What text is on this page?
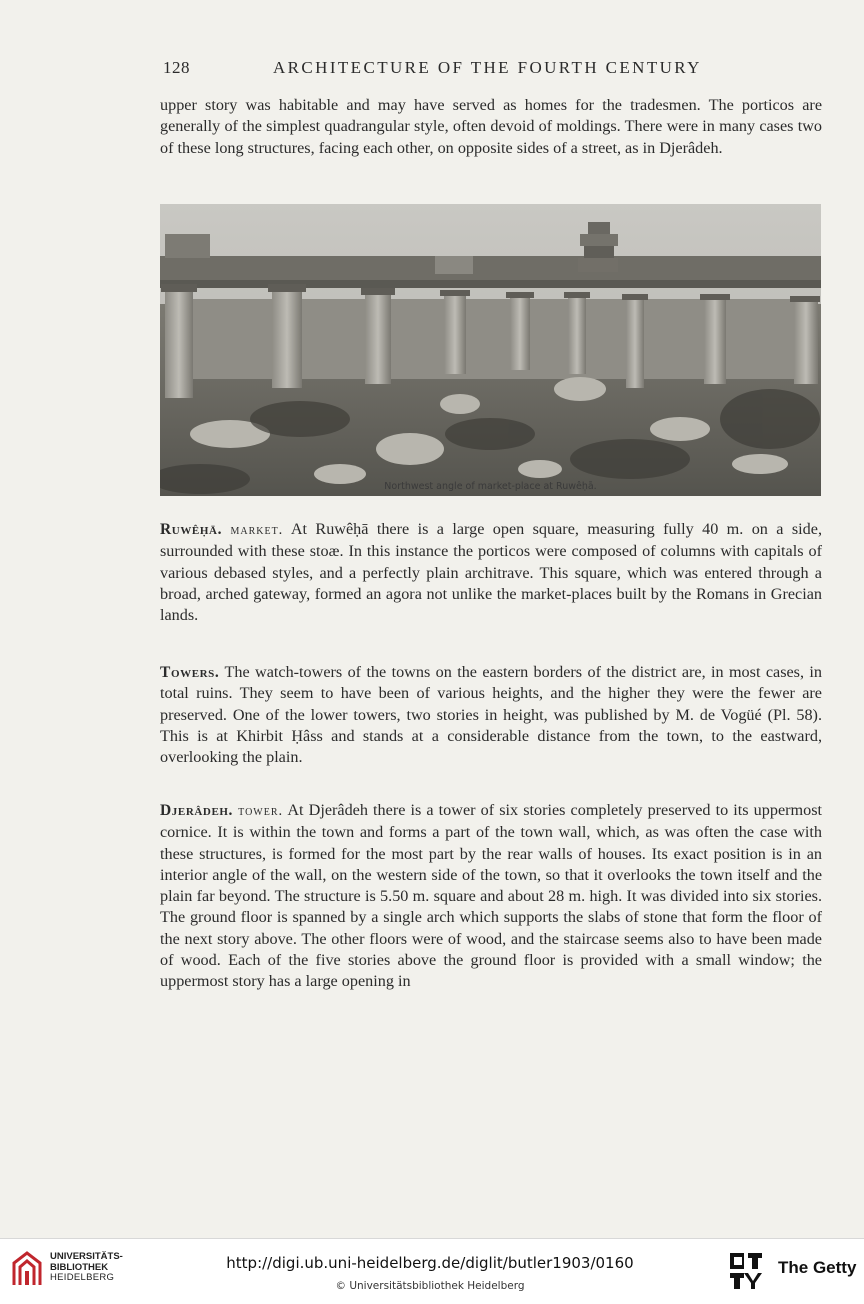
128	ARCHITECTURE OF THE FOURTH CENTURY

upper story was habitable and may have served as homes for the tradesmen. The porticos are generally of the simplest quadrangular style, often devoid of moldings. There were in many cases two of these long structures, facing each other, on opposite sides of a street, as in Djerâdeh.

Northwest angle of market-place at Ruwêḥā.

Ruwêḥā. market. At Ruwêḥā there is a large open square, measuring fully 40 m. on a side, surrounded with these stoæ. In this instance the porticos were composed of columns with capitals of various debased styles, and a perfectly plain architrave. This square, which was entered through a broad, arched gateway, formed an agora not unlike the market-places built by the Romans in Grecian lands.

Towers. The watch-towers of the towns on the eastern borders of the district are, in most cases, in total ruins. They seem to have been of various heights, and the higher they were the fewer are preserved. One of the lower towers, two stories in height, was published by M. de Vogüé (Pl. 58). This is at Khirbit Ḥâss and stands at a considerable distance from the town, to the eastward, overlooking the plain.

Djerâdeh. tower. At Djerâdeh there is a tower of six stories completely preserved to its uppermost cornice. It is within the town and forms a part of the town wall, which, as was often the case with these structures, is formed for the most part by the rear walls of houses. Its exact position is in an interior angle of the wall, on the western side of the town, so that it overlooks the town itself and the plain far beyond. The structure is 5.50 m. square and about 28 m. high. It was divided into six stories. The ground floor is spanned by a single arch which supports the slabs of stone that form the floor of the next story above. The other floors were of wood, and the staircase seems also to have been made of wood. Each of the five stories above the ground floor is provided with a small window; the uppermost story has a large opening in

UNIVERSITÄTS-
BIBLIOTHEK
HEIDELBERG
http://digi.ub.uni-heidelberg.de/diglit/butler1903/0160
© Universitätsbibliothek Heidelberg
The Getty
